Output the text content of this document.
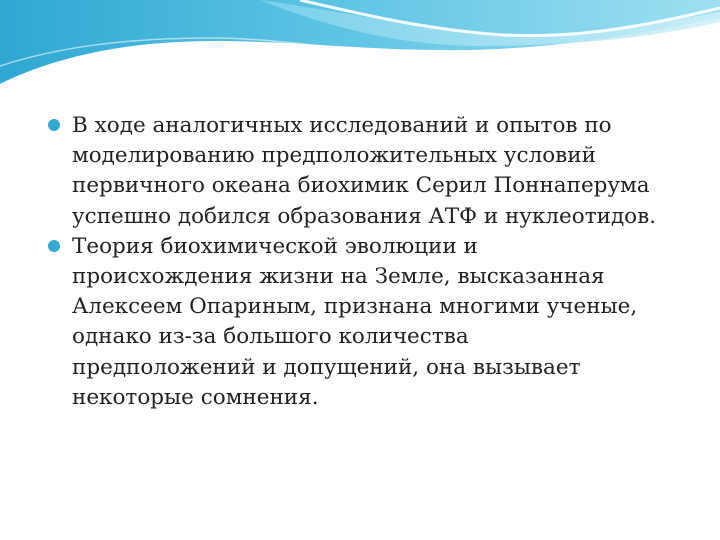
В ходе аналогичных исследований и опытов по
моделированию предположительных условий
первичного океана биохимик Серил Поннаперума
успешно добился образования АТФ и нуклеотидов.
Теория биохимической эволюции и
происхождения жизни на Земле, высказанная
Алексеем Опариным, признана многими ученые,
однако из-за большого количества
предположений и допущений, она вызывает
некоторые сомнения.
